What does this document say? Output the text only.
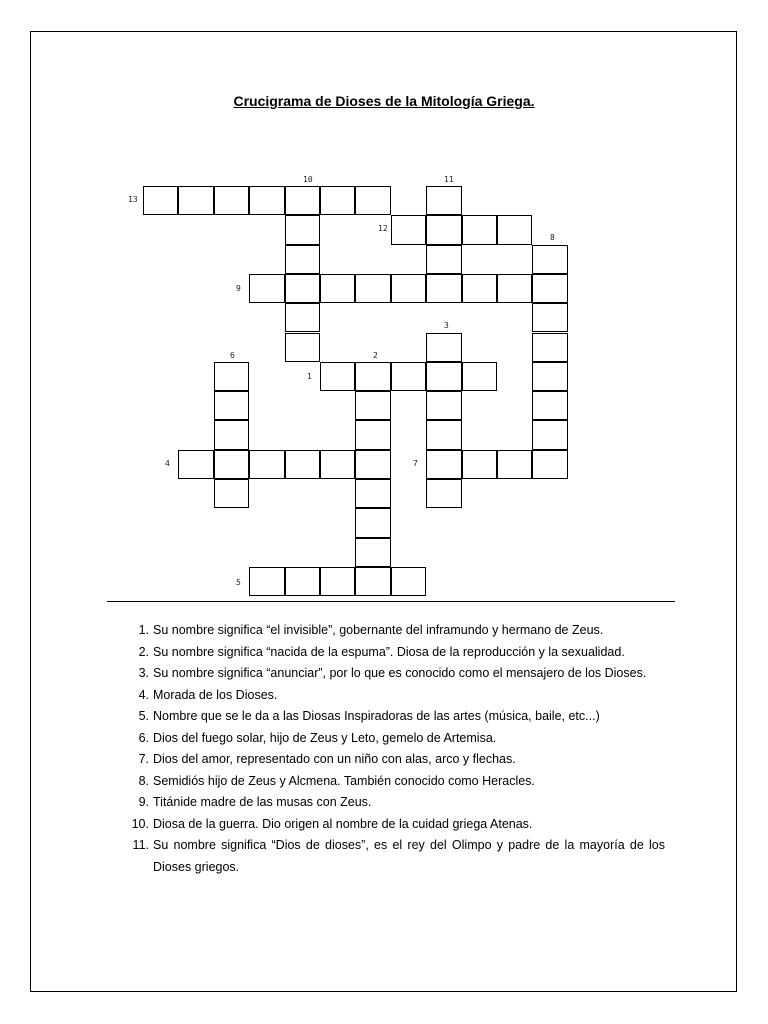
Crucigrama de Dioses de la Mitología Griega.
13
10	11
12
8
9
3
6	2
1
4	7
5
1. Su nombre significa “el invisible”, gobernante del inframundo y hermano de Zeus.
2. Su nombre significa “nacida de la espuma”. Diosa de la reproducción y la sexualidad.
3. Su nombre significa “anunciar”, por lo que es conocido como el mensajero de los Dioses.
4. Morada de los Dioses.
5. Nombre que se le da a las Diosas Inspiradoras de las artes (música, baile, etc...)
6. Dios del fuego solar, hijo de Zeus y Leto, gemelo de Artemisa.
7. Dios del amor, representado con un niño con alas, arco y flechas.
8. Semidiós hijo de Zeus y Alcmena. También conocido como Heracles.
9. Titánide madre de las musas con Zeus.
10. Diosa de la guerra. Dio origen al nombre de la cuidad griega Atenas.
11. Su nombre significa “Dios de dioses”, es el rey del Olimpo y padre de la mayoría de los Dioses griegos.
